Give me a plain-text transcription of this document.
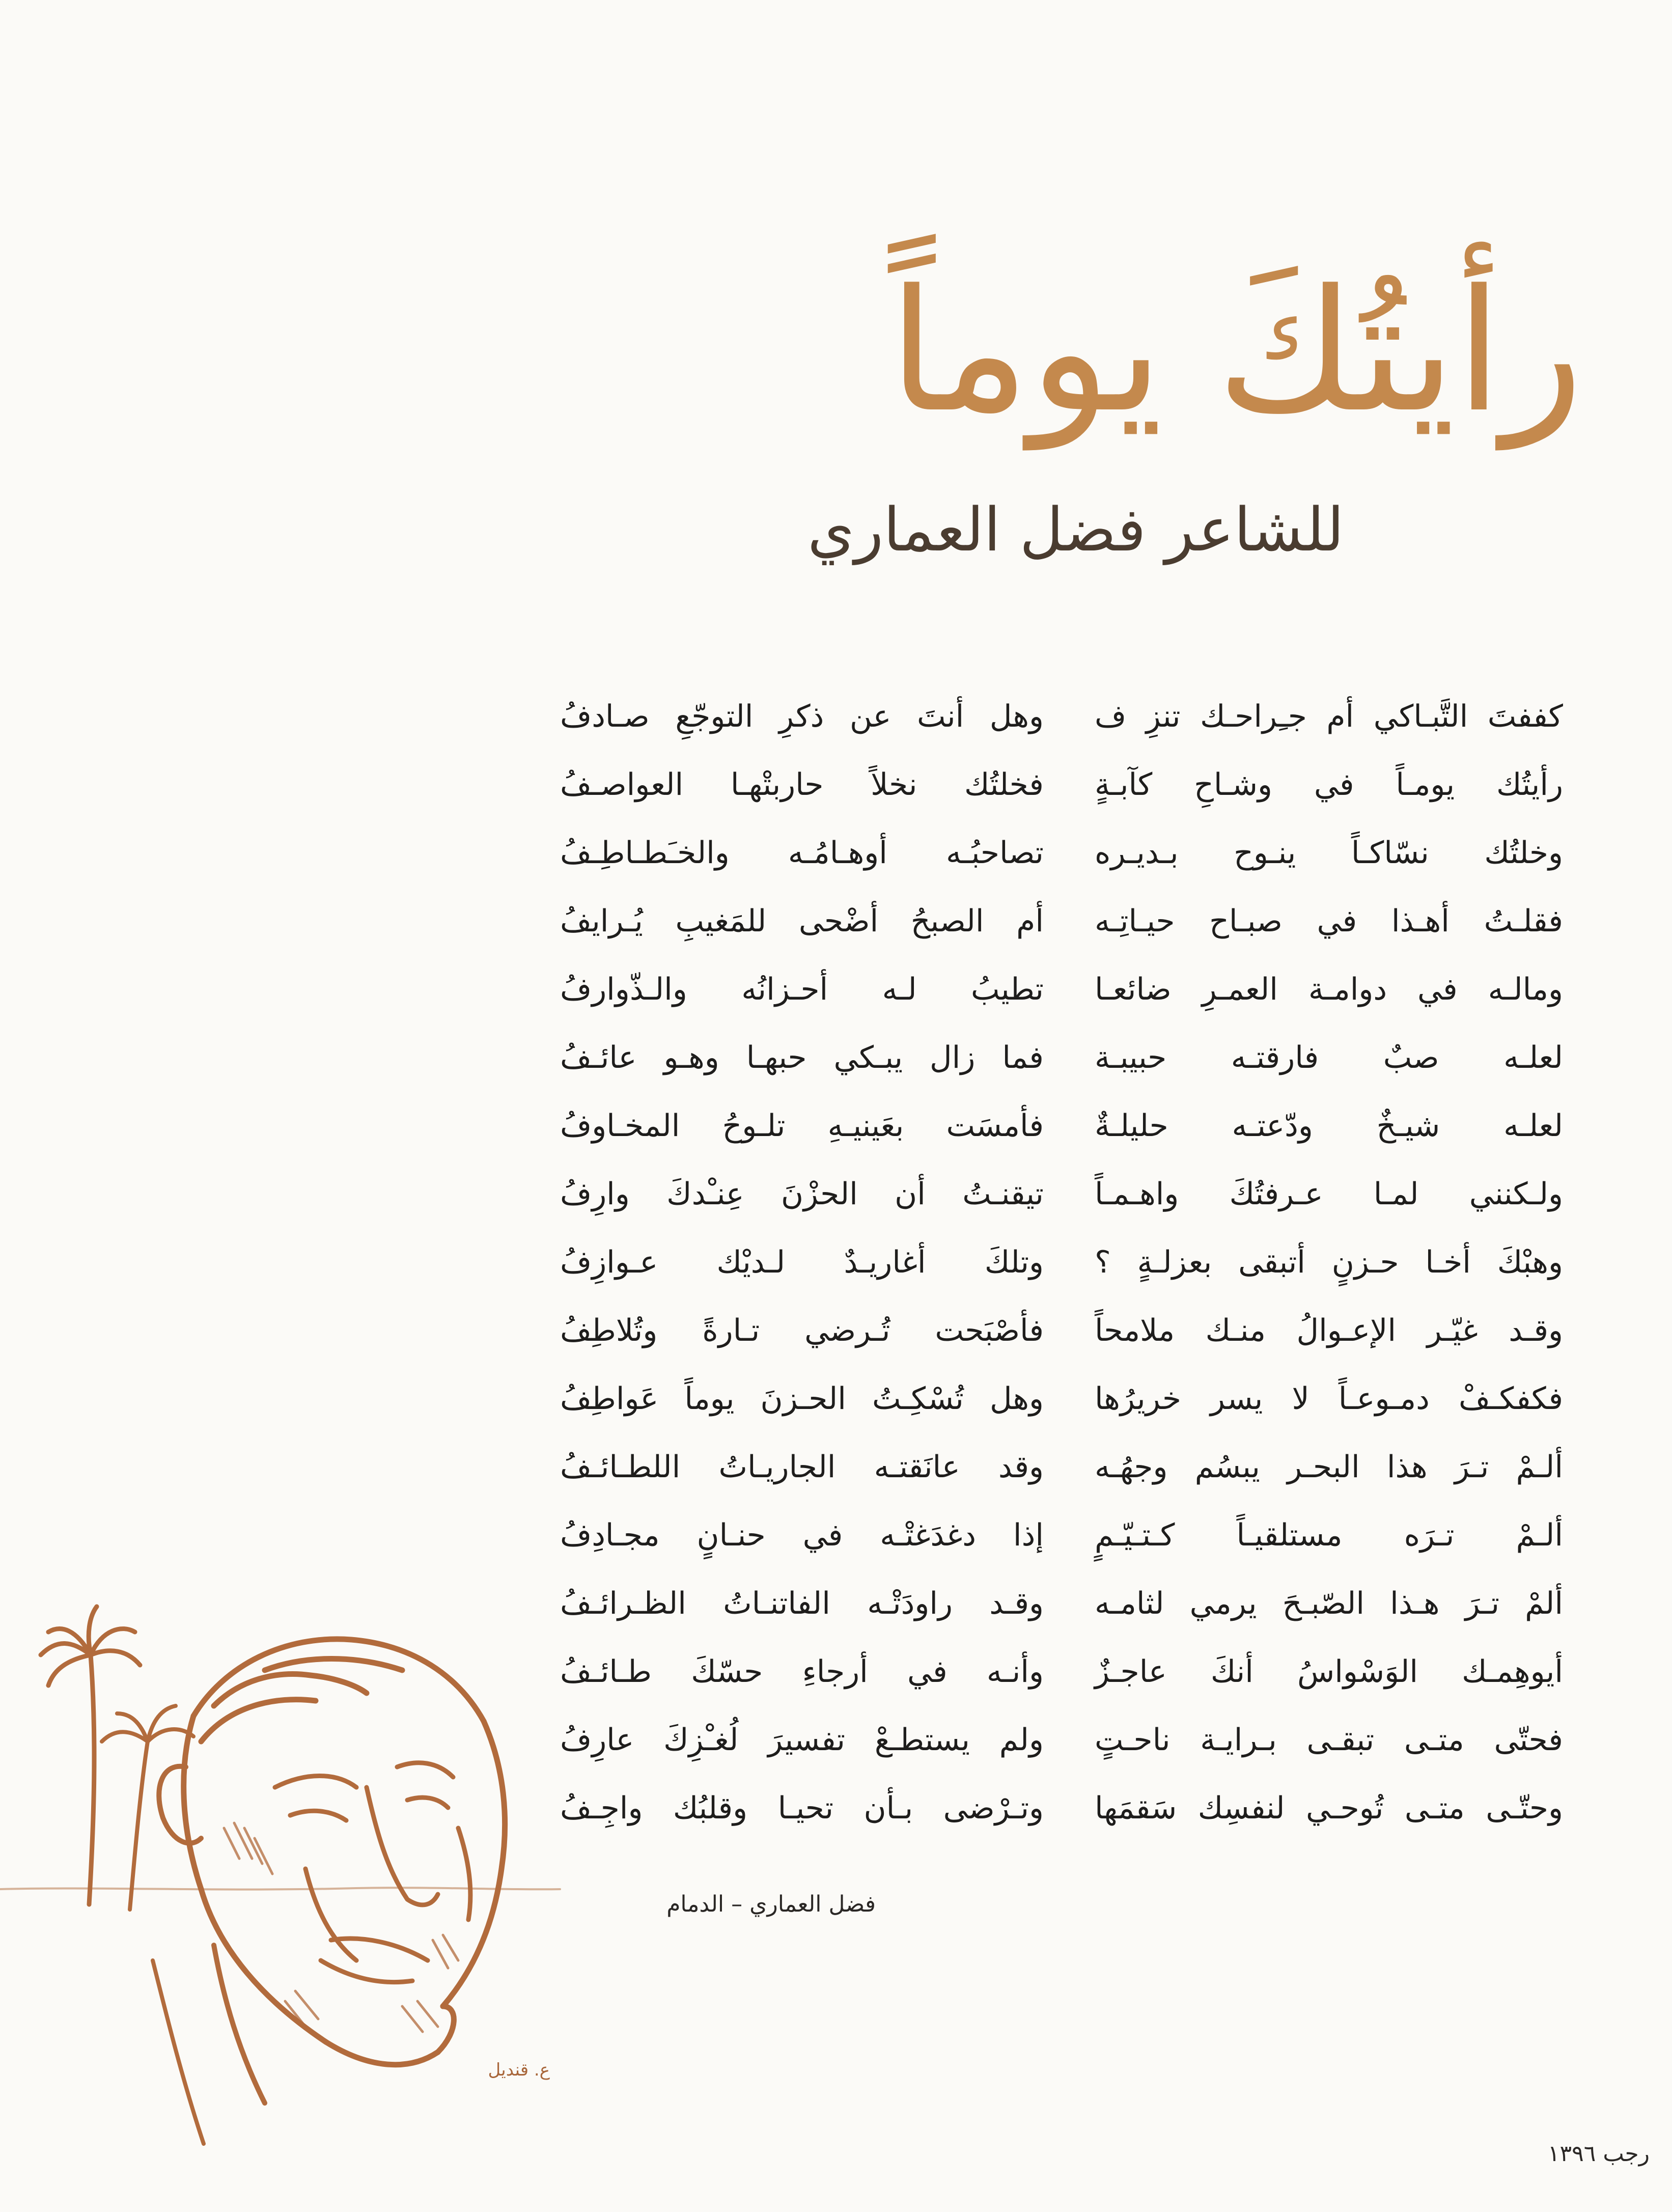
رأيتُكَ يوماً
للشاعر فضل العماري
كففتَ التَّبـاكي أم جـِراحـك تنزِ ف
رأيتُك يومـاً في وشـاحِ كآبـةٍ
وخلتُك نسّاكـاً ينـوح بـديـره
فقلـتُ أهـذا في صبـاح حيـاتِـه
ومالـه في دوامـة العمـرِ ضائعـا
لعلـه صبٌ فارقتـه حبيبـة
لعلـه شيـخٌ ودّعتـه حليلـةٌ
ولـكنني لمـا عـرفتُكَ واهـمـاً
وهبْكَ أخـا حـزنٍ أتبقى بعزلـةٍ ؟
وقـد غيّـر الإعـوالُ منـك ملامحاً
فكفكـفْ دمـوعـاً لا يسر خريرُها
ألـمْ تـرَ هذا البحـر يبسُم وجهُـه
ألـمْ تـرَه مستلقيـاً كـتـيّـمٍ
ألمْ تـرَ هـذا الصّبـحَ يرمي لثامـه
أيوهِمـك الوَسْواسُ أنكَ عاجـزٌ
فحتّى متـى تبقـى بـرايـة ناحـتٍ
وحتّـى متـى تُوحـي لنفسِك سَقمَها
وهل أنتَ عن ذكرِ التوجّعِ صـادفُ
فخلتُك نخلاً حاربتْهـا العواصـفُ
تصاحبُـه أوهـامُـه والخـَطـاطِـفُ
أم الصبحُ أضْحى للمَغيبِ يُـرايفُ
تطيبُ لـه أحـزانُه والـذّوارفُ
فما زال يبـكي حبهـا وهـو عائـفُ
فأمسَت بعَينيـهِ تلـوحُ المخـاوفُ
تيقنـتُ أن الحزْنَ عِنـْدكَ وارِفُ
وتلكَ أغاريـدٌ لـديْك عـوازِفُ
فأصْبَحت تُـرضي تـارةً وتُلاطِفُ
وهل تُسْكِـتُ الحـزنَ يوماً عَواطِفُ
وقد عانَقتـه الجاريـاتُ اللطـائـفُ
إذا دغدَغتْـه في حنـانٍ مجـادِفُ
وقـد راودَتْـه الفاتنـاتُ الظـرائـفُ
وأنـه في أرجاءِ حسّكَ طـائـفُ
ولم يستطـعْ تفسيرَ لُغـْزِكَ عارِفُ
وتـرْضى بـأن تحيـا وقلبُك واجِـفُ
فضل العماري – الدمام
ع. قنديل
رجب ١٣٩٦
